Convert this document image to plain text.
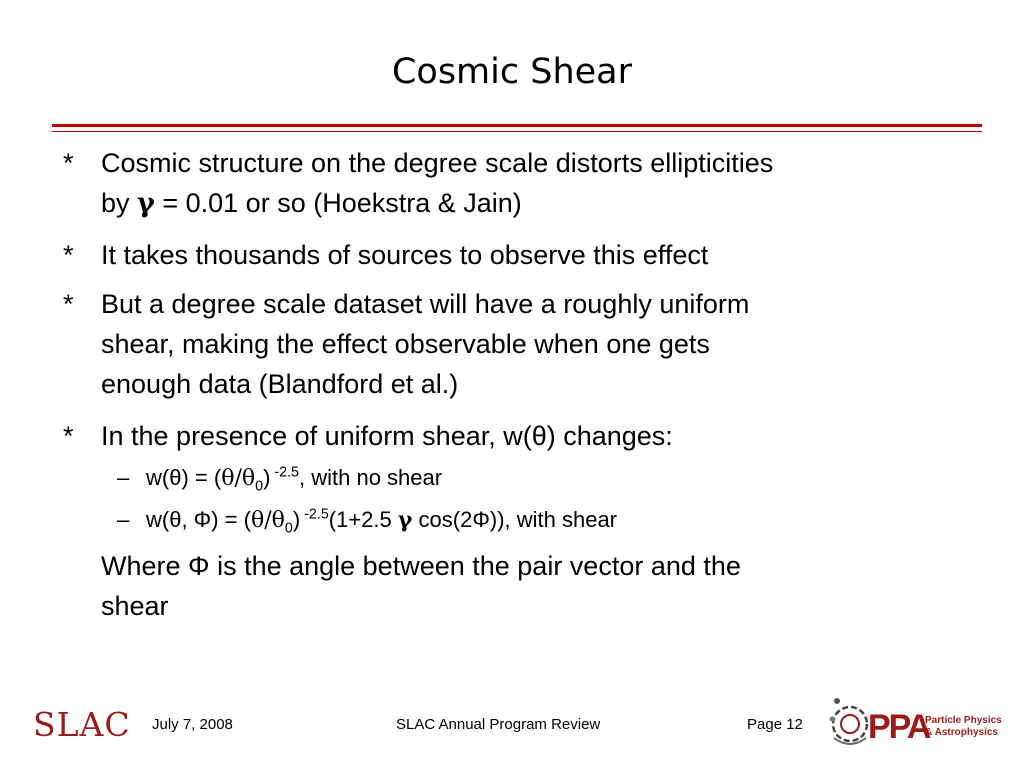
Cosmic Shear
* Cosmic structure on the degree scale distorts ellipticities
by γ = 0.01 or so (Hoekstra & Jain)
* It takes thousands of sources to observe this effect
* But a degree scale dataset will have a roughly uniform
shear, making the effect observable when one gets
enough data (Blandford et al.)
* In the presence of uniform shear, w(θ) changes:
– $w(\theta) = (\theta/\theta_0)$ $^{-2.5}$, with no shear
– w(θ, $\Phi) = (\theta/\theta_0)$ $^{-2.5}$(1+2.5 γ cos(2Φ)), with shear
Where Φ is the angle between the pair vector and the
shear
SLAC July 7, 2008	SLAC Annual Program Review	Page 12 PPA
Particle Physics
& Astrophysics
